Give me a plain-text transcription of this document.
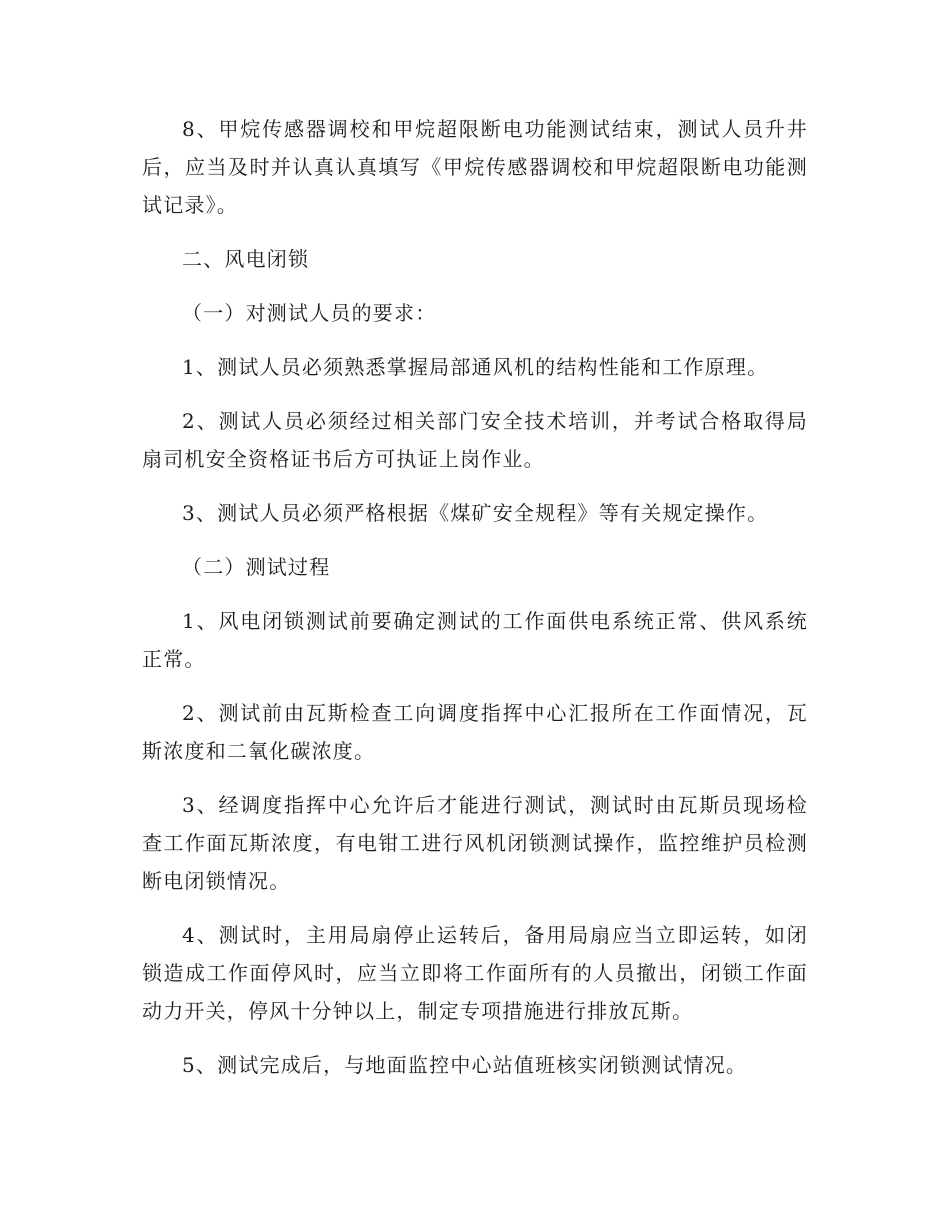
8、甲烷传感器调校和甲烷超限断电功能测试结束，测试人员升井后，应当及时并认真认真填写《甲烷传感器调校和甲烷超限断电功能测试记录》。

二、风电闭锁

（一）对测试人员的要求：

1、测试人员必须熟悉掌握局部通风机的结构性能和工作原理。

2、测试人员必须经过相关部门安全技术培训，并考试合格取得局扇司机安全资格证书后方可执证上岗作业。

3、测试人员必须严格根据《煤矿安全规程》等有关规定操作。

（二）测试过程

1、风电闭锁测试前要确定测试的工作面供电系统正常、供风系统正常。

2、测试前由瓦斯检查工向调度指挥中心汇报所在工作面情况，瓦斯浓度和二氧化碳浓度。

3、经调度指挥中心允许后才能进行测试，测试时由瓦斯员现场检查工作面瓦斯浓度，有电钳工进行风机闭锁测试操作，监控维护员检测断电闭锁情况。

4、测试时，主用局扇停止运转后，备用局扇应当立即运转，如闭锁造成工作面停风时，应当立即将工作面所有的人员撤出，闭锁工作面动力开关，停风十分钟以上，制定专项措施进行排放瓦斯。

5、测试完成后，与地面监控中心站值班核实闭锁测试情况。
